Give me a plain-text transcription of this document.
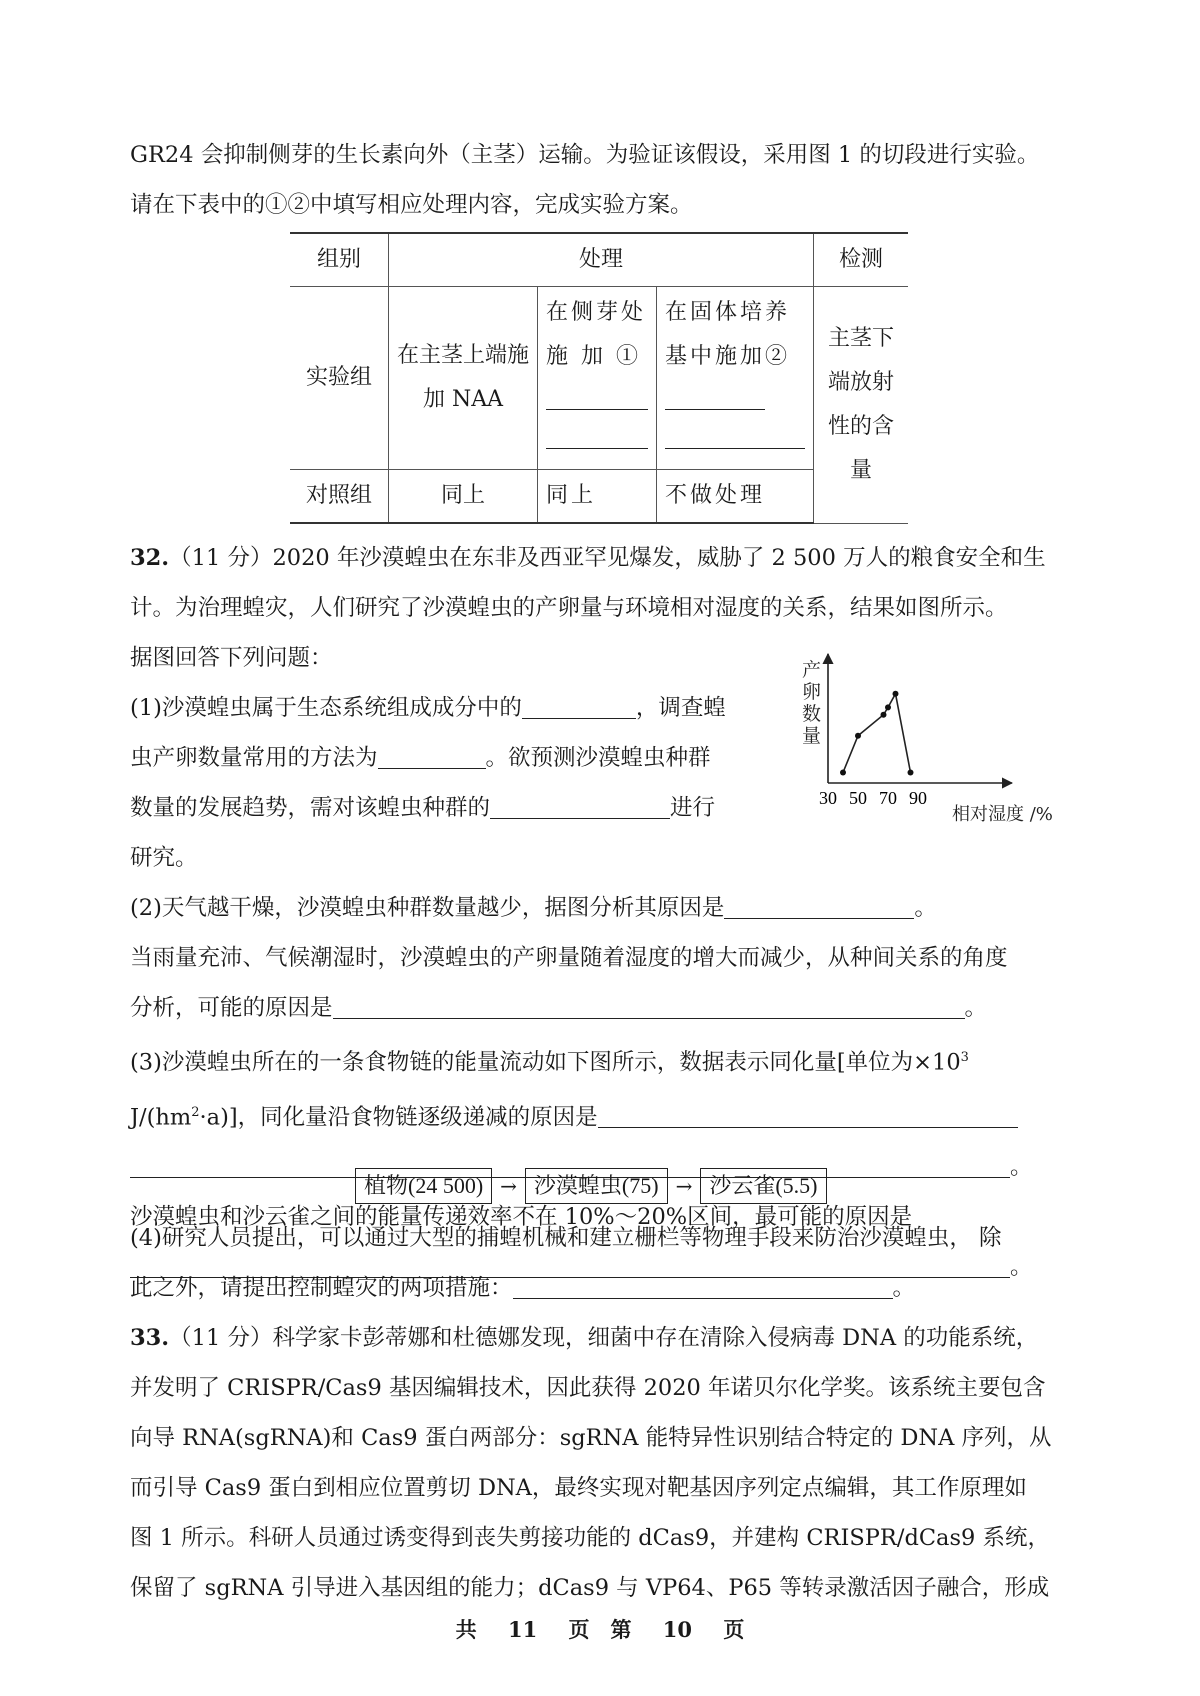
GR24 会抑制侧芽的生长素向外（主茎）运输。为验证该假设，采用图 1 的切段进行实验。

请在下表中的①②中填写相应处理内容，完成实验方案。

组别	处理			检测
实验组	在主茎上端施加 NAA	在侧芽处施 加 ①	在固体培养基中施加②	主茎下端放射性的含量
对照组	同上	同上	不做处理	

32.（11 分）2020 年沙漠蝗虫在东非及西亚罕见爆发，威胁了 2 500 万人的粮食安全和生

计。为治理蝗灾，人们研究了沙漠蝗虫的产卵量与环境相对湿度的关系，结果如图所示。

据图回答下列问题：

(1)沙漠蝗虫属于生态系统组成成分中的	，调查蝗

虫产卵数量常用的方法为	。欲预测沙漠蝗虫种群

数量的发展趋势，需对该蝗虫种群的	进行

研究。

(2)天气越干燥，沙漠蝗虫种群数量越少，据图分析其原因是	。

当雨量充沛、气候潮湿时，沙漠蝗虫的产卵量随着湿度的增大而减少，从种间关系的角度

分析，可能的原因是	。

(3)沙漠蝗虫所在的一条食物链的能量流动如下图所示，数据表示同化量[单位为$\times 10^3$

$J/(hm^2\cdot a)$]，同化量沿食物链逐级递减的原因是

。

沙漠蝗虫和沙云雀之间的能量传递效率不在 10%～20%区间，最可能的原因是

。

植物(24 500) → 沙漠蝗虫(75) → 沙云雀(5.5)

(4)研究人员提出，可以通过大型的捕蝗机械和建立栅栏等物理手段来防治沙漠蝗虫， 除

此之外，请提出控制蝗灾的两项措施：	。

33.（11 分）科学家卡彭蒂娜和杜德娜发现，细菌中存在清除入侵病毒 DNA 的功能系统，

并发明了 CRISPR/Cas9 基因编辑技术，因此获得 2020 年诺贝尔化学奖。该系统主要包含

向导 RNA(sgRNA)和 Cas9 蛋白两部分：sgRNA 能特异性识别结合特定的 DNA 序列，从

而引导 Cas9 蛋白到相应位置剪切 DNA，最终实现对靶基因序列定点编辑，其工作原理如

图 1 所示。科研人员通过诱变得到丧失剪接功能的 dCas9，并建构 CRISPR/dCas9 系统，

保留了 sgRNA 引导进入基因组的能力；dCas9 与 VP64、P65 等转录激活因子融合，形成

产卵数量
相对湿度 /%
30 50 70 90
共 11 页　第 10 页
